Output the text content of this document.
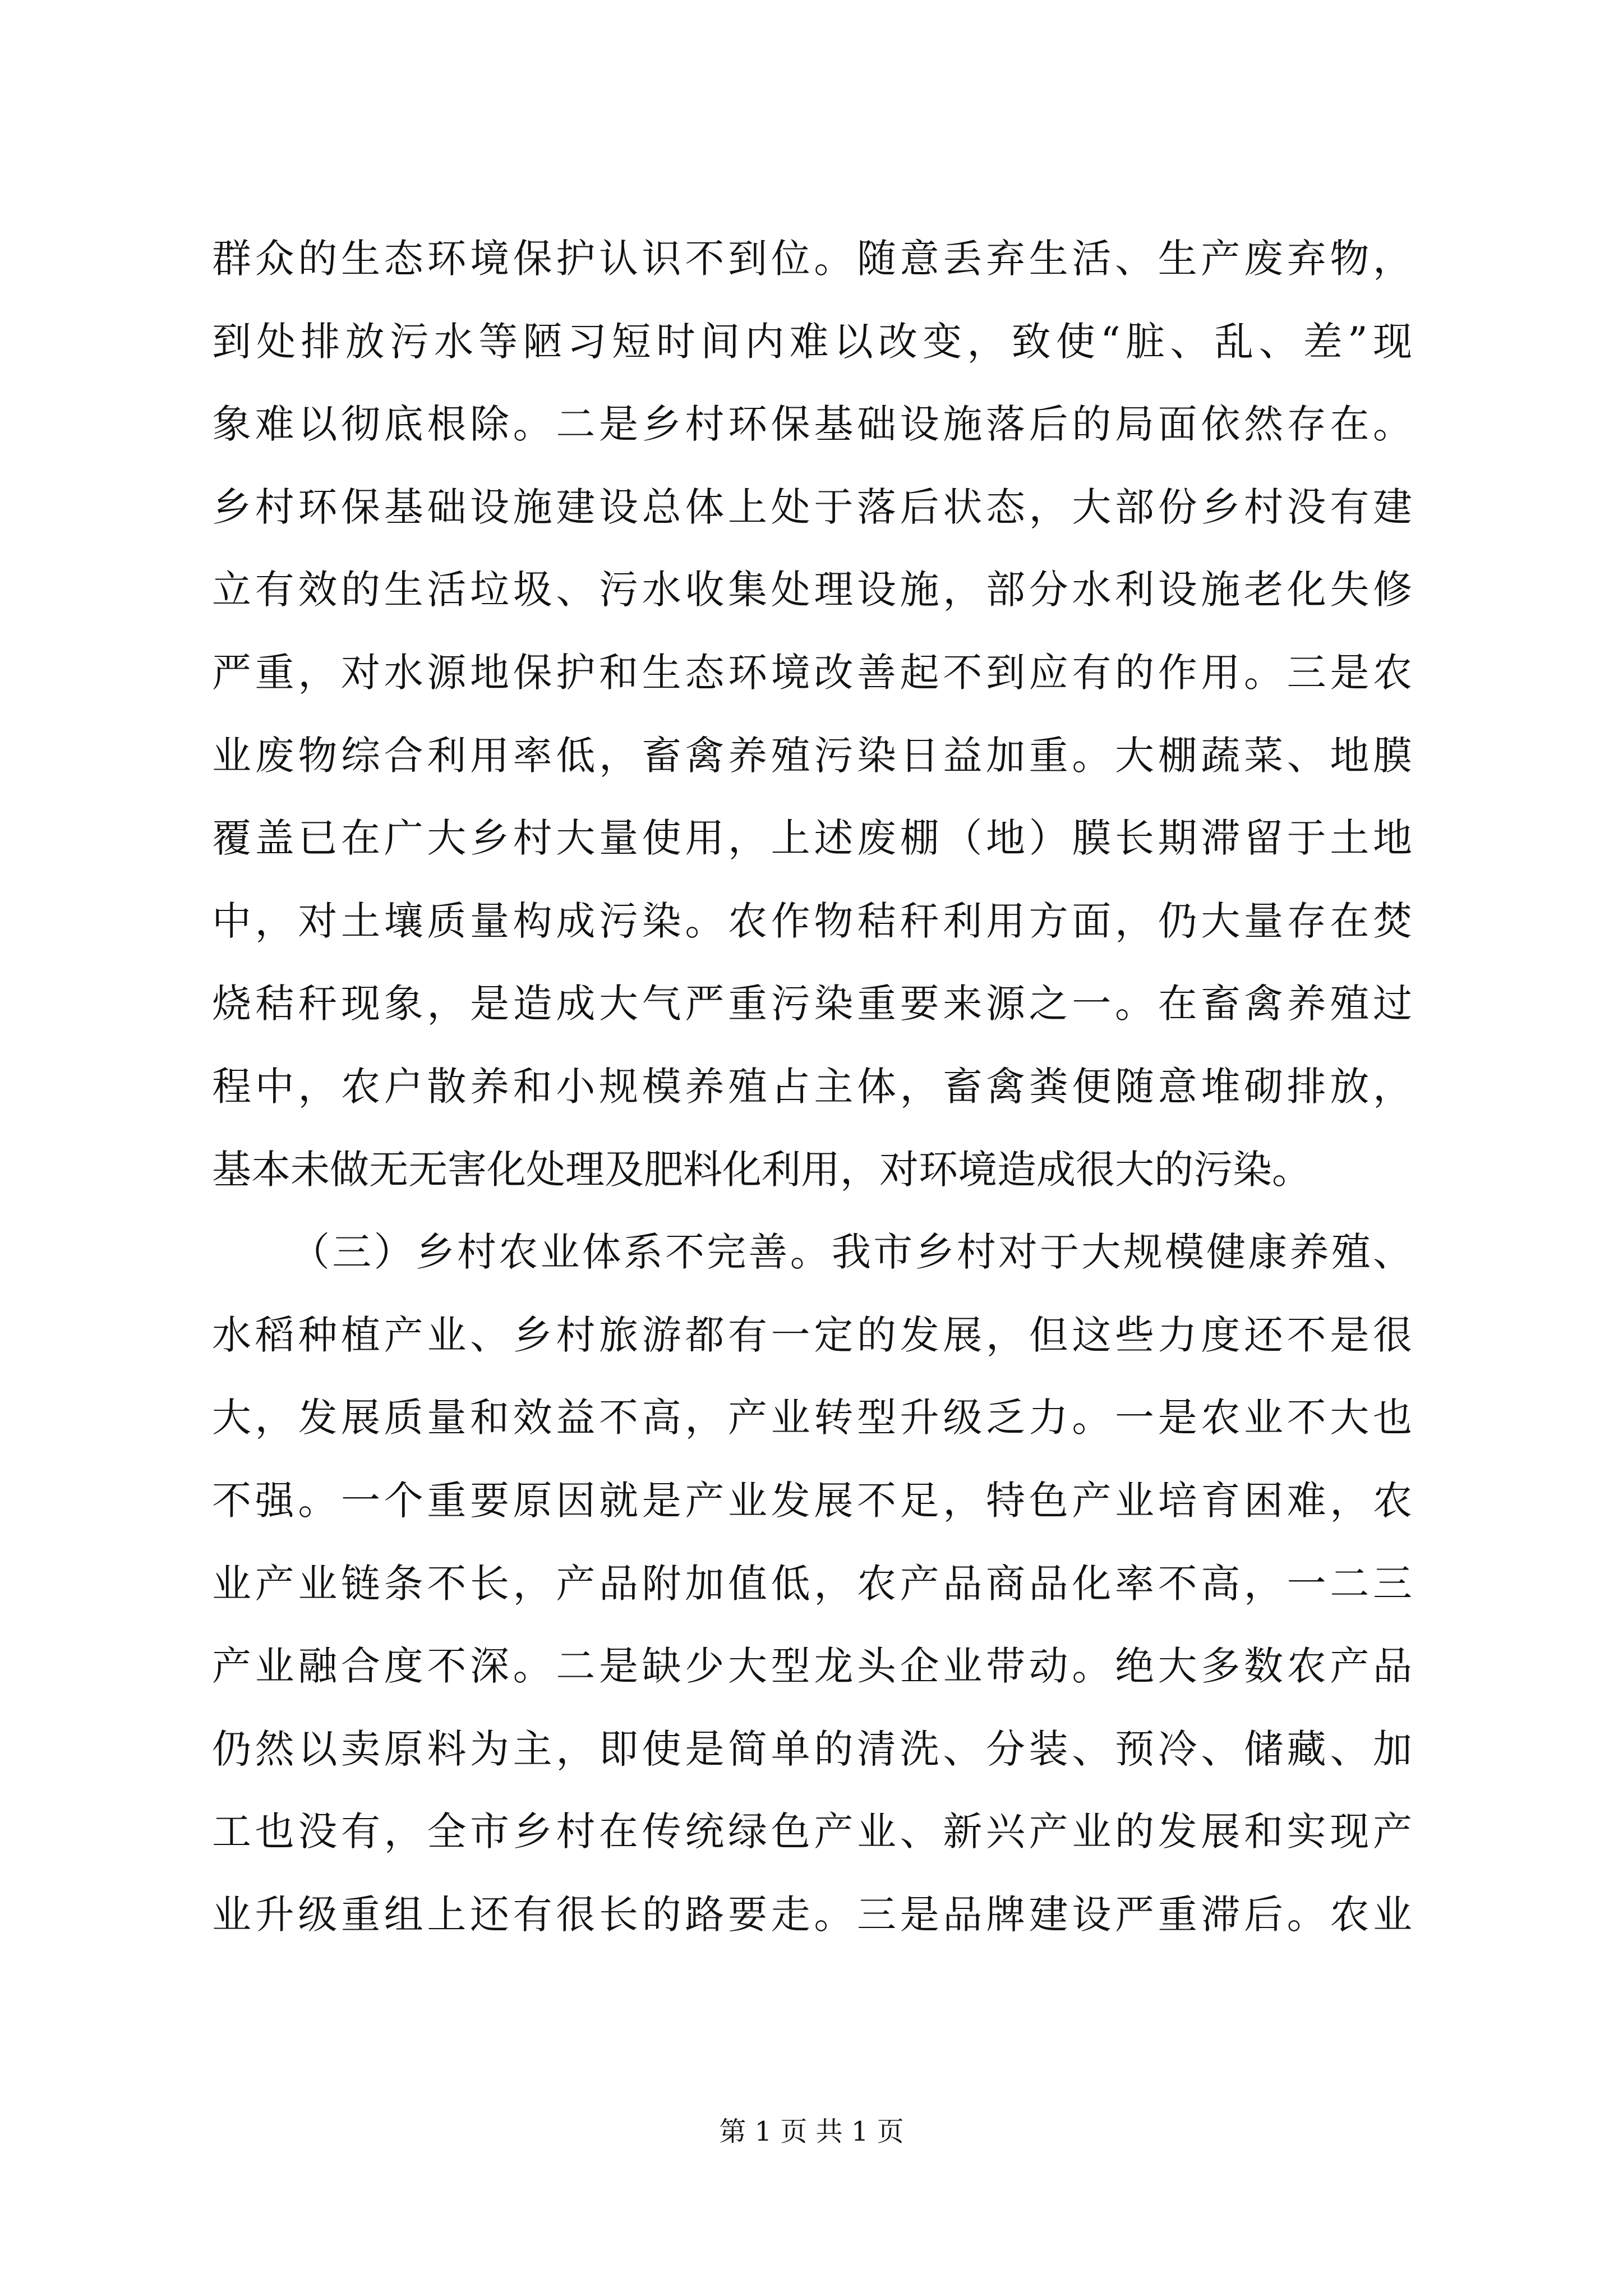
群众的生态环境保护认识不到位。随意丢弃生活、生产废弃物，
到处排放污水等陋习短时间内难以改变，致使“脏、乱、差”现
象难以彻底根除。二是乡村环保基础设施落后的局面依然存在。
乡村环保基础设施建设总体上处于落后状态，大部份乡村没有建
立有效的生活垃圾、污水收集处理设施，部分水利设施老化失修
严重，对水源地保护和生态环境改善起不到应有的作用。三是农
业废物综合利用率低，畜禽养殖污染日益加重。大棚蔬菜、地膜
覆盖已在广大乡村大量使用，上述废棚（地）膜长期滞留于土地
中，对土壤质量构成污染。农作物秸秆利用方面，仍大量存在焚
烧秸秆现象，是造成大气严重污染重要来源之一。在畜禽养殖过
程中，农户散养和小规模养殖占主体，畜禽粪便随意堆砌排放，
基本未做无无害化处理及肥料化利用，对环境造成很大的污染。
（三）乡村农业体系不完善。我市乡村对于大规模健康养殖、
水稻种植产业、乡村旅游都有一定的发展，但这些力度还不是很
大，发展质量和效益不高，产业转型升级乏力。一是农业不大也
不强。一个重要原因就是产业发展不足，特色产业培育困难，农
业产业链条不长，产品附加值低，农产品商品化率不高，一二三
产业融合度不深。二是缺少大型龙头企业带动。绝大多数农产品
仍然以卖原料为主，即使是简单的清洗、分装、预冷、储藏、加
工也没有，全市乡村在传统绿色产业、新兴产业的发展和实现产
业升级重组上还有很长的路要走。三是品牌建设严重滞后。农业
第 1 页 共 1 页
